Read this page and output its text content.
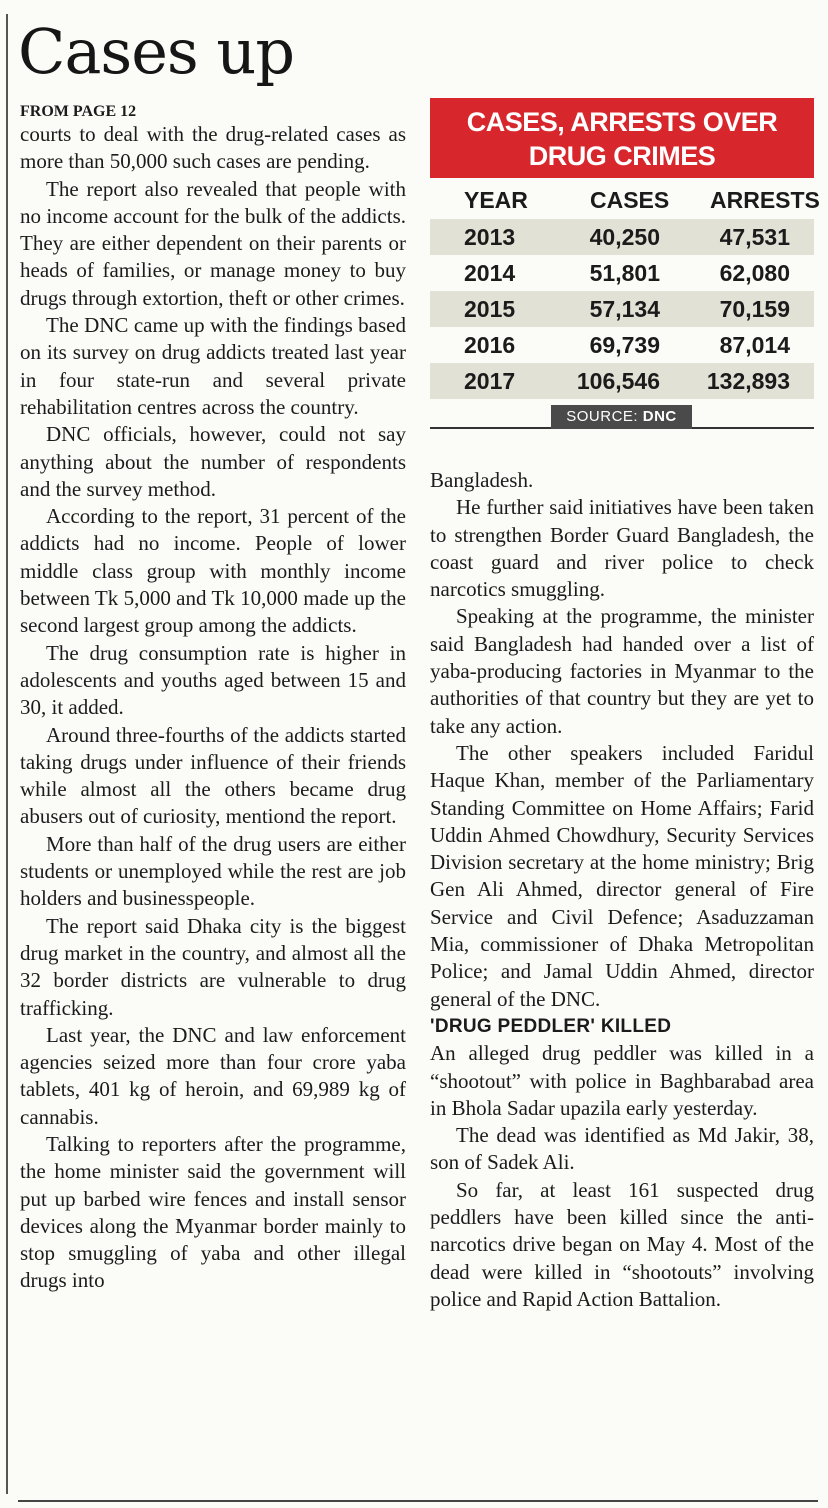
Cases up
FROM PAGE 12

courts to deal with the drug-related cases as more than 50,000 such cases are pending.

The report also revealed that people with no income account for the bulk of the addicts. They are either dependent on their parents or heads of families, or manage money to buy drugs through extortion, theft or other crimes.

The DNC came up with the findings based on its survey on drug addicts treated last year in four state-run and several private rehabilitation centres across the country.

DNC officials, however, could not say anything about the number of respondents and the survey method.

According to the report, 31 percent of the addicts had no income. People of lower middle class group with monthly income between Tk 5,000 and Tk 10,000 made up the second largest group among the addicts.

The drug consumption rate is higher in adolescents and youths aged between 15 and 30, it added.

Around three-fourths of the addicts started taking drugs under influence of their friends while almost all the others became drug abusers out of curiosity, mentiond the report.

More than half of the drug users are either students or unemployed while the rest are job holders and businesspeople.

The report said Dhaka city is the biggest drug market in the country, and almost all the 32 border districts are vulnerable to drug trafficking.

Last year, the DNC and law enforcement agencies seized more than four crore yaba tablets, 401 kg of heroin, and 69,989 kg of cannabis.

Talking to reporters after the programme, the home minister said the government will put up barbed wire fences and install sensor devices along the Myanmar border mainly to stop smuggling of yaba and other illegal drugs into

CASES, ARRESTS OVER
DRUG CRIMES
YEAR	CASES ARRESTS
2013	40,250	47,531
2014	51,801	62,080
2015	57,134	70,159
2016	69,739	87,014
2017	106,546	132,893
SOURCE: DNC

Bangladesh.

He further said initiatives have been taken to strengthen Border Guard Bangladesh, the coast guard and river police to check narcotics smuggling.

Speaking at the programme, the minister said Bangladesh had handed over a list of yaba-producing factories in Myanmar to the authorities of that country but they are yet to take any action.

The other speakers included Faridul Haque Khan, member of the Parliamentary Standing Committee on Home Affairs; Farid Uddin Ahmed Chowdhury, Security Services Division secretary at the home ministry; Brig Gen Ali Ahmed, director general of Fire Service and Civil Defence; Asaduzzaman Mia, commissioner of Dhaka Metropolitan Police; and Jamal Uddin Ahmed, director general of the DNC.

'DRUG PEDDLER' KILLED

An alleged drug peddler was killed in a “shootout” with police in Baghbarabad area in Bhola Sadar upazila early yesterday.

The dead was identified as Md Jakir, 38, son of Sadek Ali.

So far, at least 161 suspected drug peddlers have been killed since the anti-narcotics drive began on May 4. Most of the dead were killed in “shootouts” involving police and Rapid Action Battalion.
